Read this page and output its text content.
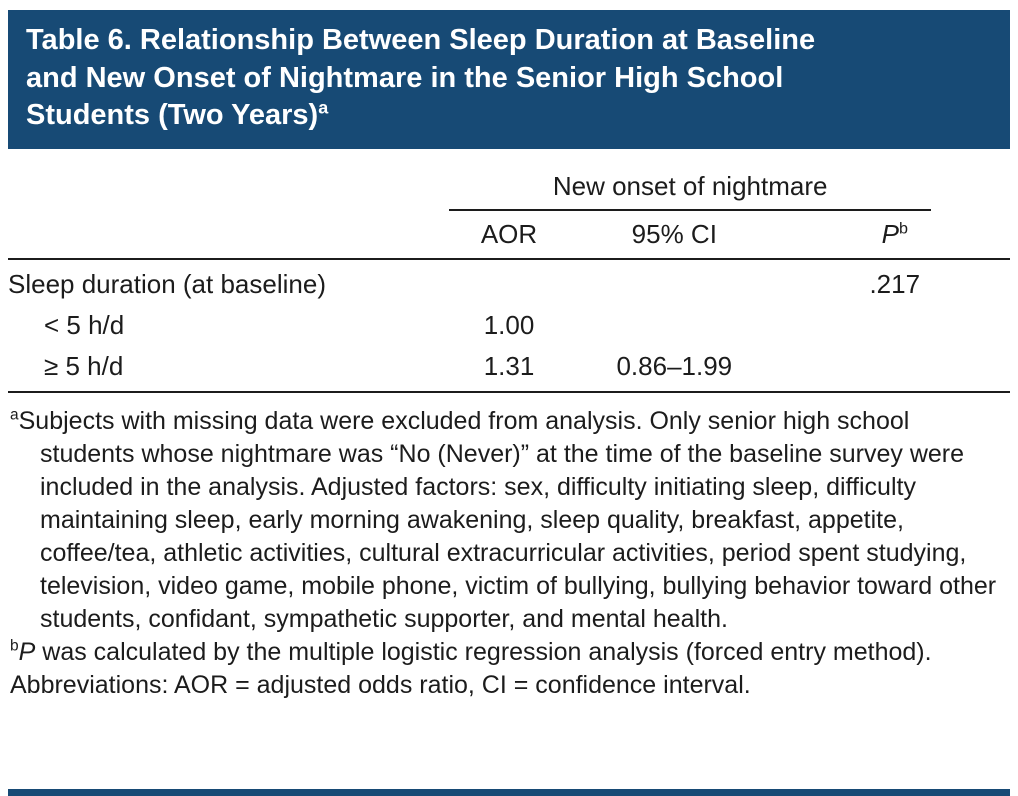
Table 6. Relationship Between Sleep Duration at Baseline
and New Onset of Nightmare in the Senior High School
Students (Two Years)$^a$

	New onset of nightmare		

	AOR	95% CI	$P^b$
Sleep duration (at baseline)			.217
< 5 h/d	1.00		
≥ 5 h/d	1.31	0.86–1.99	

$^a$Subjects with missing data were excluded from analysis. Only senior high school students whose nightmare was “No (Never)” at the time of the baseline survey were included in the analysis. Adjusted factors: sex, difficulty initiating sleep, difficulty maintaining sleep, early morning awakening, sleep quality, breakfast, appetite, coffee/tea, athletic activities, cultural extracurricular activities, period spent studying, television, video game, mobile phone, victim of bullying, bullying behavior toward other students, confidant, sympathetic supporter, and mental health.

$^b$P was calculated by the multiple logistic regression analysis (forced entry method).

Abbreviations: AOR = adjusted odds ratio, CI = confidence interval.
